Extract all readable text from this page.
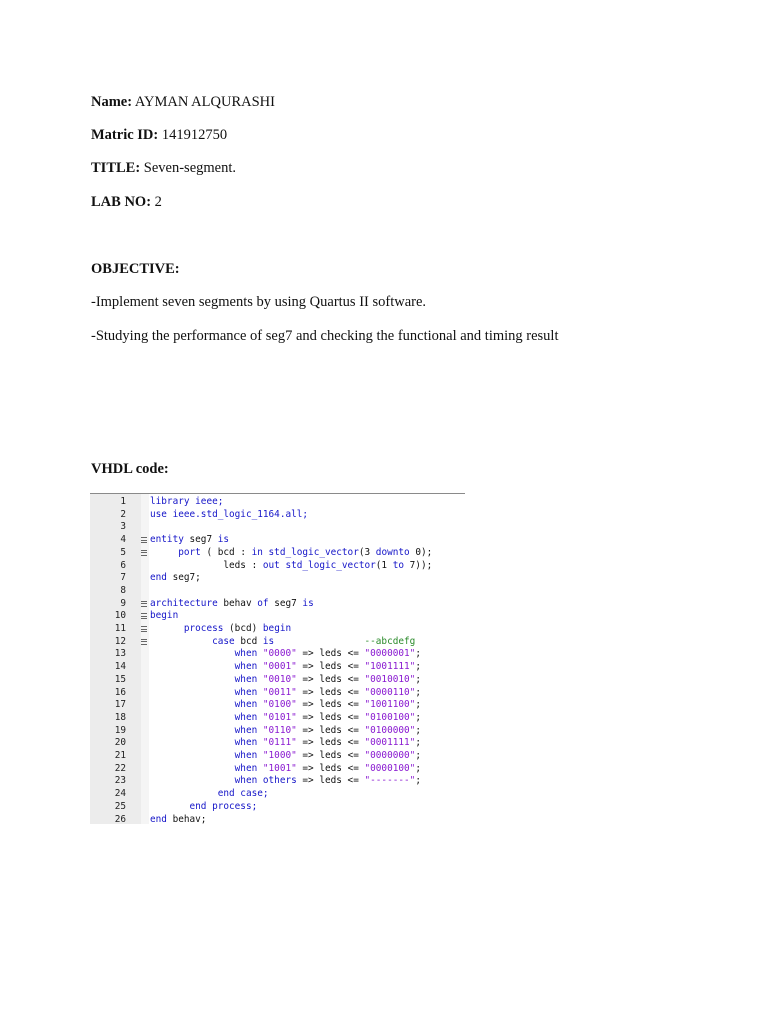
Name: AYMAN ALQURASHI
Matric ID: 141912750
TITLE: Seven-segment.
LAB NO: 2
OBJECTIVE:
-Implement seven segments by using Quartus II software.
-Studying the performance of seg7 and checking the functional and timing result
VHDL code:
1	library ieee;
2	use ieee.std_logic_1164.all;
3
4	entity seg7 is
5	port ( bcd : in std_logic_vector(3 downto 0);
6	leds : out std_logic_vector(1 to 7));
7	end seg7;
8
9	architecture behav of seg7 is
10	begin
11	process (bcd) begin
12	case bcd is	--abcdefg
13	when "0000" => leds <= "0000001";
14	when "0001" => leds <= "1001111";
15	when "0010" => leds <= "0010010";
16	when "0011" => leds <= "0000110";
17	when "0100" => leds <= "1001100";
18	when "0101" => leds <= "0100100";
19	when "0110" => leds <= "0100000";
20	when "0111" => leds <= "0001111";
21	when "1000" => leds <= "0000000";
22	when "1001" => leds <= "0000100";
23	when others => leds <= "-------";
24	end case;
25	end process;
26	end behav;
